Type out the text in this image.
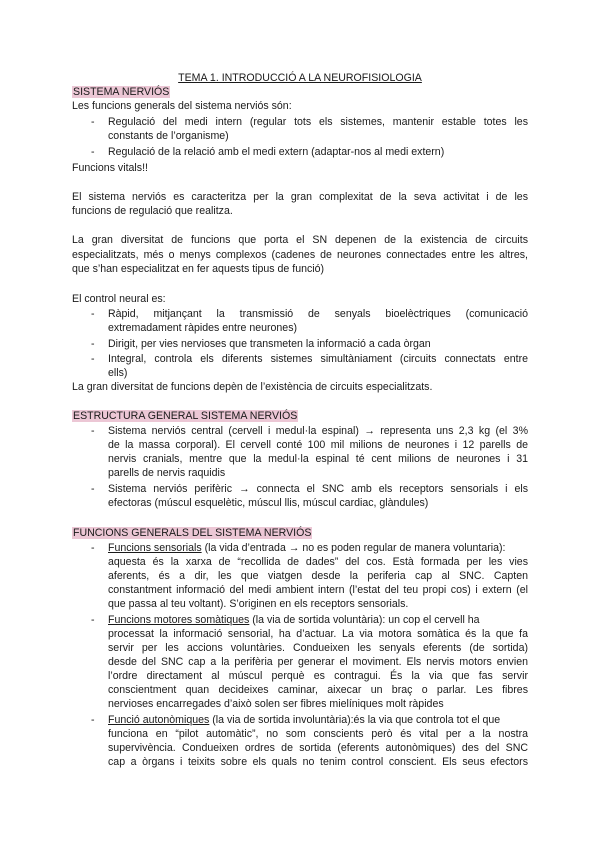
TEMA 1. INTRODUCCIÓ A LA NEUROFISIOLOGIA
SISTEMA NERVIÓS
Les funcions generals del sistema nerviós són:
- Regulació del medi intern (regular tots els sistemes, mantenir estable totes les
constants de l’organisme)
- Regulació de la relació amb el medi extern (adaptar-nos al medi extern)
Funcions vitals!!
El sistema nerviós es caracteritza per la gran complexitat de la seva activitat i de les
funcions de regulació que realitza.
La gran diversitat de funcions que porta el SN depenen de la existencia de circuits
especialitzats, més o menys complexos (cadenes de neurones connectades entre les altres,
que s’han especialitzat en fer aquests tipus de funció)
El control neural es:
- Ràpid, mitjançant la transmissió de senyals bioelèctriques (comunicació
extremadament ràpides entre neurones)
- Dirigit, per vies nervioses que transmeten la informació a cada òrgan
- Integral, controla els diferents sistemes simultàniament (circuits connectats entre
ells)
La gran diversitat de funcions depèn de l’existència de circuits especialitzats.
ESTRUCTURA GENERAL SISTEMA NERVIÓS
- Sistema nerviós central (cervell i medul·la espinal) → representa uns 2,3 kg (el 3%
de la massa corporal). El cervell conté 100 mil milions de neurones i 12 parells de
nervis cranials, mentre que la medul·la espinal té cent milions de neurones i 31
parells de nervis raquidis
- Sistema nerviós perifèric → connecta el SNC amb els receptors sensorials i els
efectoras (múscul esquelètic, múscul llis, múscul cardiac, glàndules)
FUNCIONS GENERALS DEL SISTEMA NERVIÓS
- Funcions sensorials (la vida d’entrada → no es poden regular de manera voluntaria):
aquesta és la xarxa de “recollida de dades” del cos. Està formada per les vies
aferents, és a dir, les que viatgen desde la periferia cap al SNC. Capten
constantment informació del medi ambient intern (l’estat del teu propi cos) i extern (el
que passa al teu voltant). S’originen en els receptors sensorials.
- Funcions motores somàtiques (la via de sortida voluntària): un cop el cervell ha
processat la informació sensorial, ha d’actuar. La via motora somàtica és la que fa
servir per les accions voluntàries. Condueixen les senyals eferents (de sortida)
desde del SNC cap a la perifèria per generar el moviment. Els nervis motors envien
l’ordre directament al múscul perquè es contragui. És la via que fas servir
conscientment quan decideixes caminar, aixecar un braç o parlar. Les fibres
nervioses encarregades d’això solen ser fibres mielíniques molt ràpides
- Funció autonòmiques (la via de sortida involuntària):és la via que controla tot el que
funciona en “pilot automàtic”, no som conscients però és vital per a la nostra
supervivència. Condueixen ordres de sortida (eferents autonòmiques) des del SNC
cap a òrgans i teixits sobre els quals no tenim control conscient. Els seus efectors
